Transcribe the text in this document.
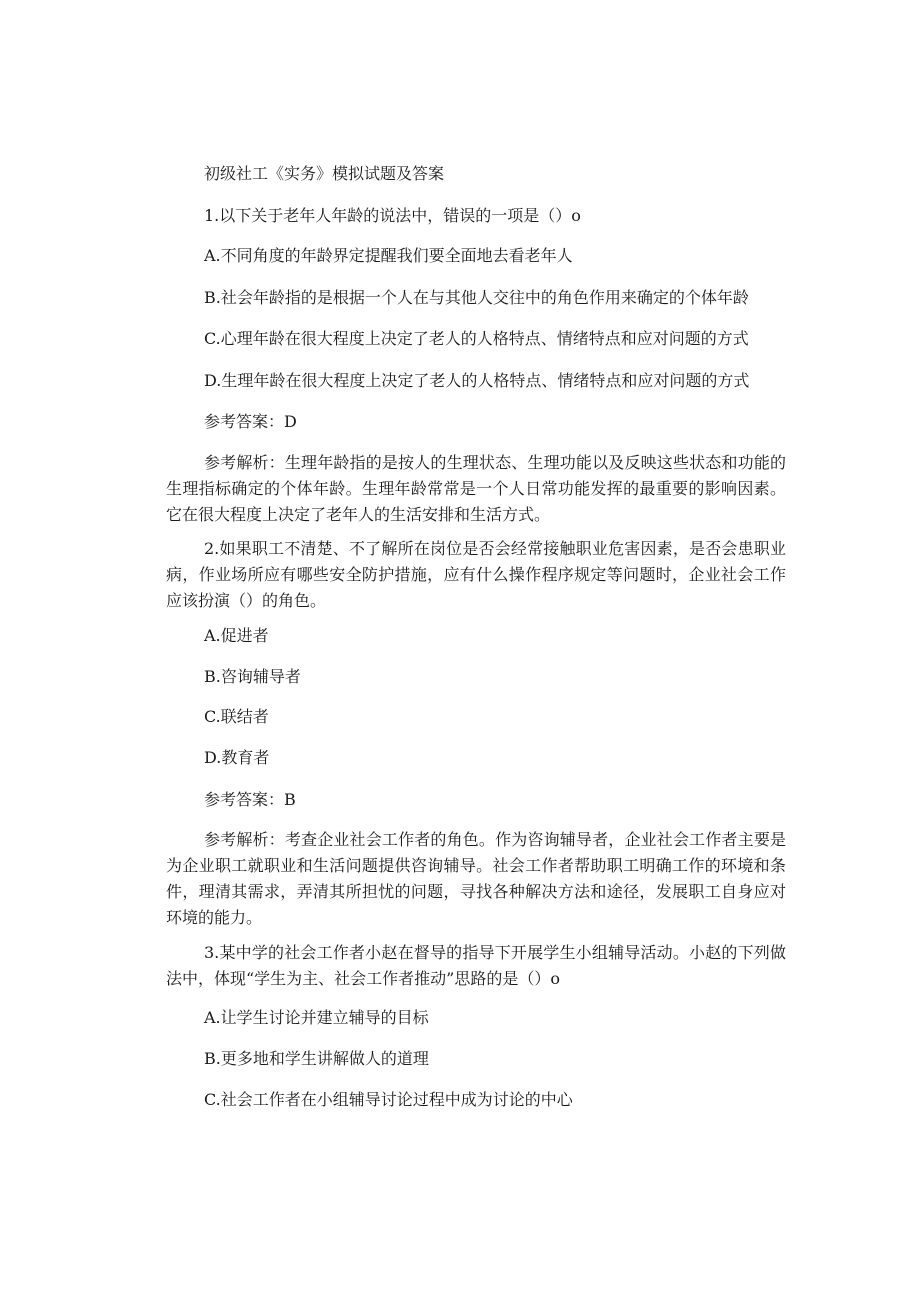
初级社工《实务》模拟试题及答案

1.以下关于老年人年龄的说法中，错误的一项是（）o

A.不同角度的年龄界定提醒我们要全面地去看老年人

B.社会年龄指的是根据一个人在与其他人交往中的角色作用来确定的个体年龄

C.心理年龄在很大程度上决定了老人的人格特点、情绪特点和应对问题的方式

D.生理年龄在很大程度上决定了老人的人格特点、情绪特点和应对问题的方式

参考答案：D

参考解析：生理年龄指的是按人的生理状态、生理功能以及反映这些状态和功能的生理指标确定的个体年龄。生理年龄常常是一个人日常功能发挥的最重要的影响因素。它在很大程度上决定了老年人的生活安排和生活方式。

2.如果职工不清楚、不了解所在岗位是否会经常接触职业危害因素，是否会患职业病，作业场所应有哪些安全防护措施，应有什么操作程序规定等问题时，企业社会工作应该扮演（）的角色。

A.促进者

B.咨询辅导者

C.联结者

D.教育者

参考答案：B

参考解析：考查企业社会工作者的角色。作为咨询辅导者，企业社会工作者主要是为企业职工就职业和生活问题提供咨询辅导。社会工作者帮助职工明确工作的环境和条件，理清其需求，弄清其所担忧的问题，寻找各种解决方法和途径，发展职工自身应对环境的能力。

3.某中学的社会工作者小赵在督导的指导下开展学生小组辅导活动。小赵的下列做法中，体现“学生为主、社会工作者推动”思路的是（）o

A.让学生讨论并建立辅导的目标

B.更多地和学生讲解做人的道理

C.社会工作者在小组辅导讨论过程中成为讨论的中心
